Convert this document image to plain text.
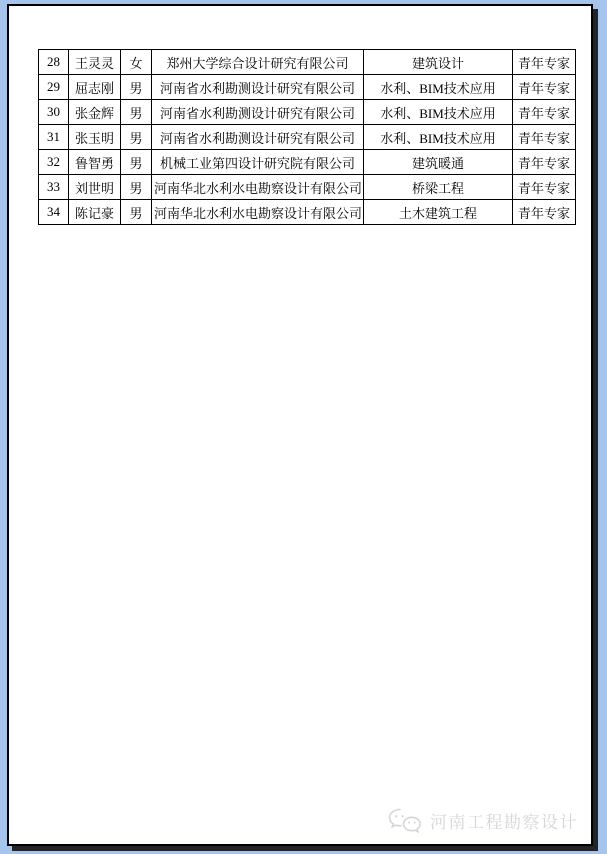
28	王灵灵	女	郑州大学综合设计研究有限公司	建筑设计	青年专家
29	屈志刚	男	河南省水利勘测设计研究有限公司	水利、BIM技术应用	青年专家
30	张金辉	男	河南省水利勘测设计研究有限公司	水利、BIM技术应用	青年专家
31	张玉明	男	河南省水利勘测设计研究有限公司	水利、BIM技术应用	青年专家
32	鲁智勇	男	机械工业第四设计研究院有限公司	建筑暖通	青年专家
33	刘世明	男	河南华北水利水电勘察设计有限公司	桥梁工程	青年专家
34	陈记豪	男	河南华北水利水电勘察设计有限公司	土木建筑工程	青年专家
河南工程勘察设计
